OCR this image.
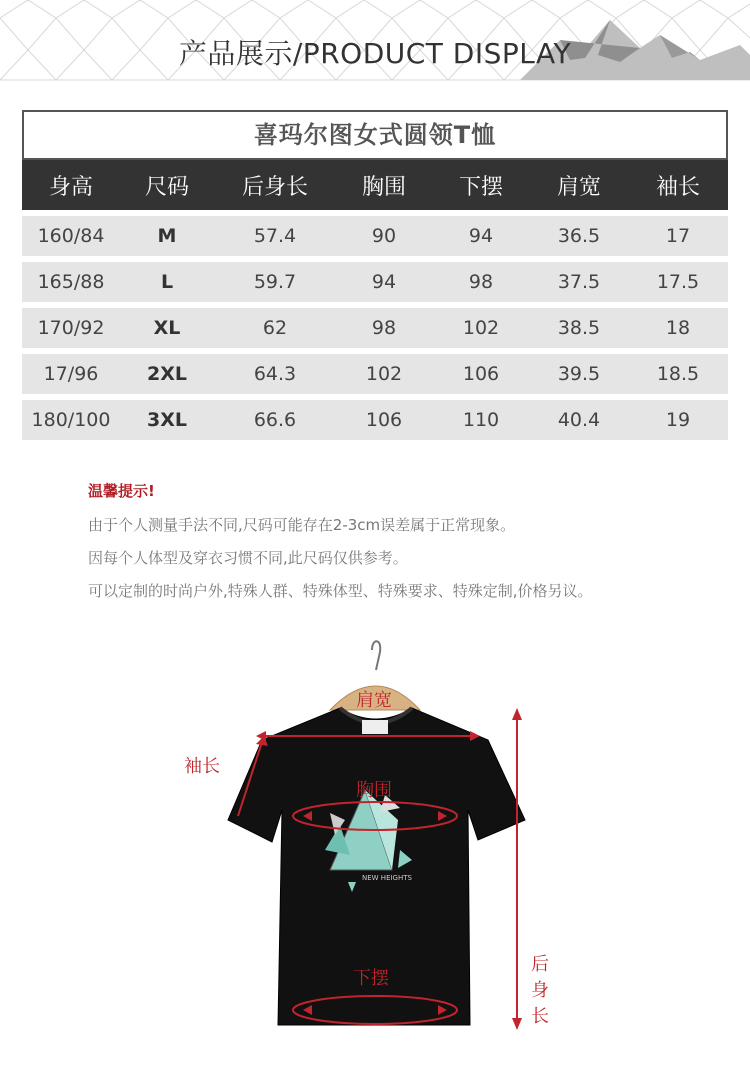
产品展示/PRODUCT DISPLAY
喜玛尔图女式圆领T恤
身高	尺码	后身长	胸围	下摆	肩宽	袖长
160/84	M	57.4	90	94	36.5	17
165/88	L	59.7	94	98	37.5	17.5
170/92	XL	62	98	102	38.5	18
17/96	2XL	64.3	102	106	39.5	18.5
180/100	3XL	66.6	106	110	40.4	19
温馨提示!
由于个人测量手法不同,尺码可能存在2-3cm误差属于正常现象。
因每个人体型及穿衣习惯不同,此尺码仅供参考。
可以定制的时尚户外,特殊人群、特殊体型、特殊要求、特殊定制,价格另议。
NEW HEIGHTS
肩宽
袖长
胸围
下摆
后
身
长
